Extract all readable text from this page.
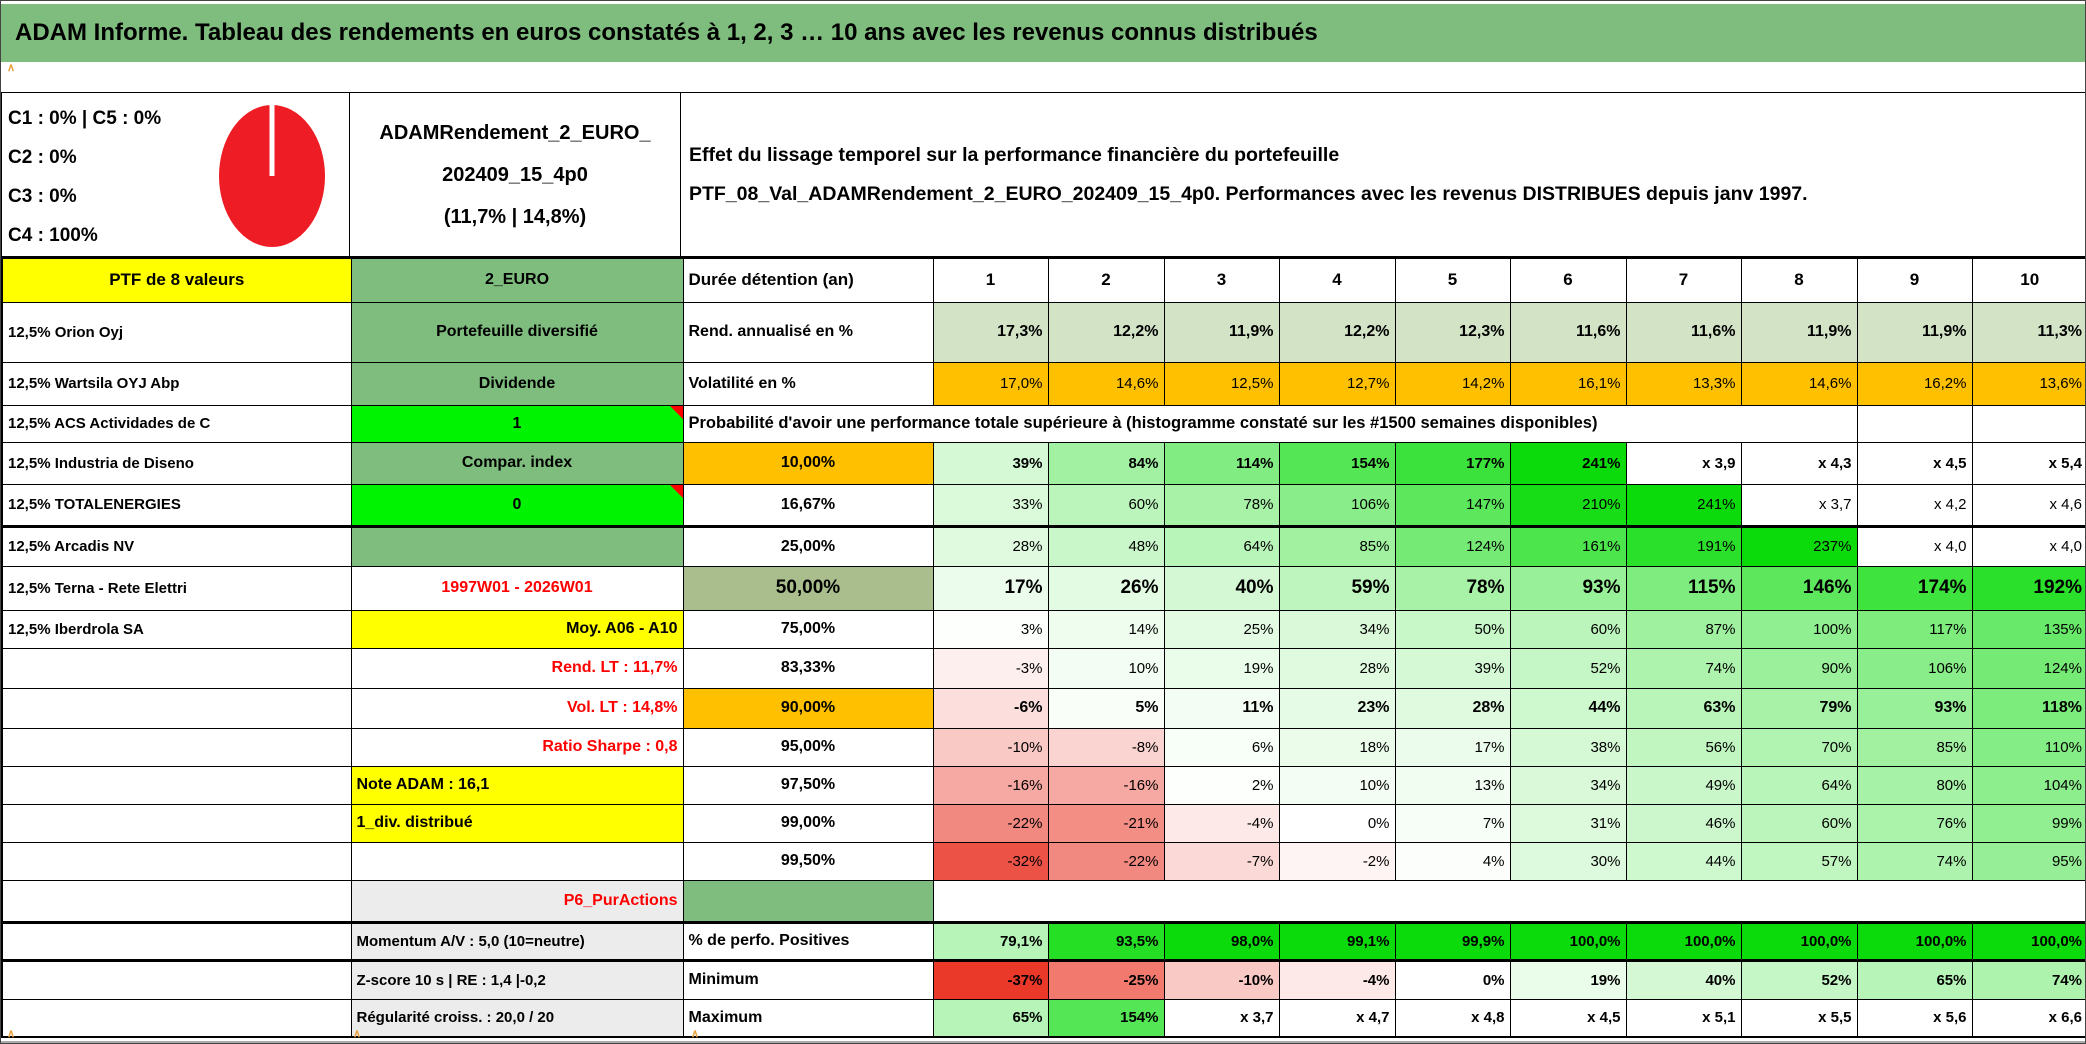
ADAM Informe. Tableau des rendements en euros constatés à 1, 2, 3 … 10 ans avec les revenus connus distribués
∧
C1 : 0% | C5 : 0%
C2 : 0%
C3 : 0%
C4 : 100%
ADAMRendement_2_EURO_
202409_15_4p0
(11,7% | 14,8%)
Effet du lissage temporel sur la performance financière du portefeuille
PTF_08_Val_ADAMRendement_2_EURO_202409_15_4p0. Performances avec les revenus DISTRIBUES depuis janv 1997.
PTF de 8 valeurs	2_EURO	Durée détention (an)	1	2	3	4	5	6	7	8	9	10
12,5% Orion Oyj	Portefeuille diversifié	Rend. annualisé en %	17,3%	12,2%	11,9%	12,2%	12,3%	11,6%	11,6%	11,9%	11,9%	11,3%
12,5% Wartsila OYJ Abp	Dividende	Volatilité en %	17,0%	14,6%	12,5%	12,7%	14,2%	16,1%	13,3%	14,6%	16,2%	13,6%
12,5% ACS Actividades de C	1	Probabilité d'avoir une performance totale supérieure à (histogramme constaté sur les #1500 semaines disponibles)										
12,5% Industria de Diseno	Compar. index	10,00%	39%	84%	114%	154%	177%	241%	x 3,9	x 4,3	x 4,5	x 5,4
12,5% TOTALENERGIES	0	16,67%	33%	60%	78%	106%	147%	210%	241%	x 3,7	x 4,2	x 4,6
12,5% Arcadis NV		25,00%	28%	48%	64%	85%	124%	161%	191%	237%	x 4,0	x 4,0
12,5% Terna - Rete Elettri	1997W01 - 2026W01	50,00%	17%	26%	40%	59%	78%	93%	115%	146%	174%	192%
12,5% Iberdrola SA	Moy. A06 - A10	75,00%	3%	14%	25%	34%	50%	60%	87%	100%	117%	135%
	Rend. LT : 11,7%	83,33%	-3%	10%	19%	28%	39%	52%	74%	90%	106%	124%
	Vol. LT : 14,8%	90,00%	-6%	5%	11%	23%	28%	44%	63%	79%	93%	118%
	Ratio Sharpe : 0,8	95,00%	-10%	-8%	6%	18%	17%	38%	56%	70%	85%	110%
	Note ADAM : 16,1	97,50%	-16%	-16%	2%	10%	13%	34%	49%	64%	80%	104%
	1_div. distribué	99,00%	-22%	-21%	-4%	0%	7%	31%	46%	60%	76%	99%
		99,50%	-32%	-22%	-7%	-2%	4%	30%	44%	57%	74%	95%
	P6_PurActions											
	Momentum A/V : 5,0 (10=neutre)	% de perfo. Positives	79,1%	93,5%	98,0%	99,1%	99,9%	100,0%	100,0%	100,0%	100,0%	100,0%
	Z-score 10 s | RE : 1,4 |-0,2	Minimum	-37%	-25%	-10%	-4%	0%	19%	40%	52%	65%	74%
	Régularité croiss. : 20,0 / 20	Maximum	65%	154%	x 3,7	x 4,7	x 4,8	x 4,5	x 5,1	x 5,5	x 5,6	x 6,6
∧	∧	∧
